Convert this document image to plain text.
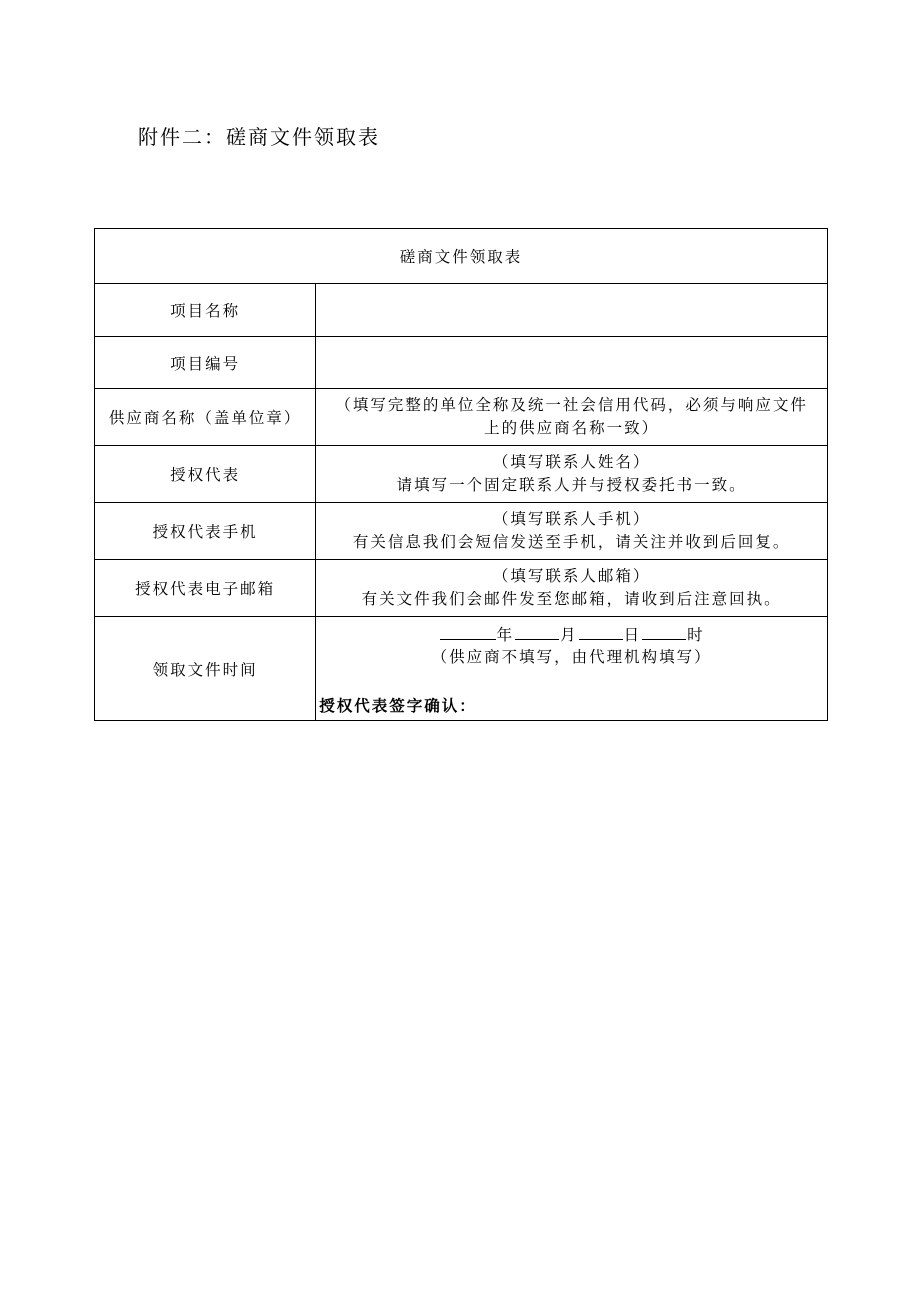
附件二：磋商文件领取表
磋商文件领取表	
项目名称	
项目编号	
供应商名称（盖单位章）	（填写完整的单位全称及统一社会信用代码，必须与响应文件
上的供应商名称一致）

授权代表	（填写联系人姓名）
请填写一个固定联系人并与授权委托书一致。

授权代表手机	（填写联系人手机）
有关信息我们会短信发送至手机，请关注并收到后回复。

授权代表电子邮箱	（填写联系人邮箱）
有关文件我们会邮件发至您邮箱，请收到后注意回执。

领取文件时间	年 月 日 时
（供应商不填写，由代理机构填写）
授权代表签字确认：
